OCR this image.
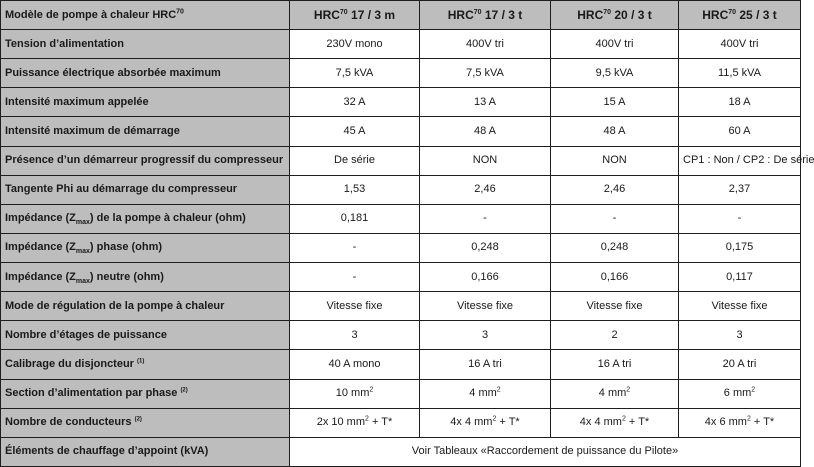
Modèle de pompe à chaleur HRC$^{70}$	HRC$^{70}$ 17 / 3 m	HRC$^{70}$ 17 / 3 t	HRC$^{70}$ 20 / 3 t	HRC$^{70}$ 25 / 3 t
Tension d’alimentation	230V mono	400V tri	400V tri	400V tri
Puissance électrique absorbée maximum	7,5 kVA	7,5 kVA	9,5 kVA	11,5 kVA
Intensité maximum appelée	32 A	13 A	15 A	18 A
Intensité maximum de démarrage	45 A	48 A	48 A	60 A
Présence d’un démarreur progressif du compresseur	De série	NON	NON	CP1 : Non / CP2 : De série
Tangente Phi au démarrage du compresseur	1,53	2,46	2,46	2,37
Impédance $(Z_{max})$ de la pompe à chaleur (ohm)	0,181	-	-	-
Impédance $(Z_{max})$ phase (ohm)	-	0,248	0,248	0,175
Impédance $(Z_{max})$ neutre (ohm)	-	0,166	0,166	0,117
Mode de régulation de la pompe à chaleur	Vitesse fixe	Vitesse fixe	Vitesse fixe	Vitesse fixe
Nombre d’étages de puissance	3	3	2	3
Calibrage du disjoncteur $^{(1)}$	40 A mono	16 A tri	16 A tri	20 A tri
Section d’alimentation par phase $^{(2)}$	10 $mm^2$	4 $mm^2$	4 $mm^2$	6 $mm^2$
Nombre de conducteurs $^{(2)}$	2x 10 $mm^2 + T*$	4x 4 $mm^2 + T*$	4x 4 $mm^2 + T*$	4x 6 $mm^2 + T*$
Éléments de chauffage d’appoint (kVA)	Voir Tableaux «Raccordement de puissance du Pilote»			
